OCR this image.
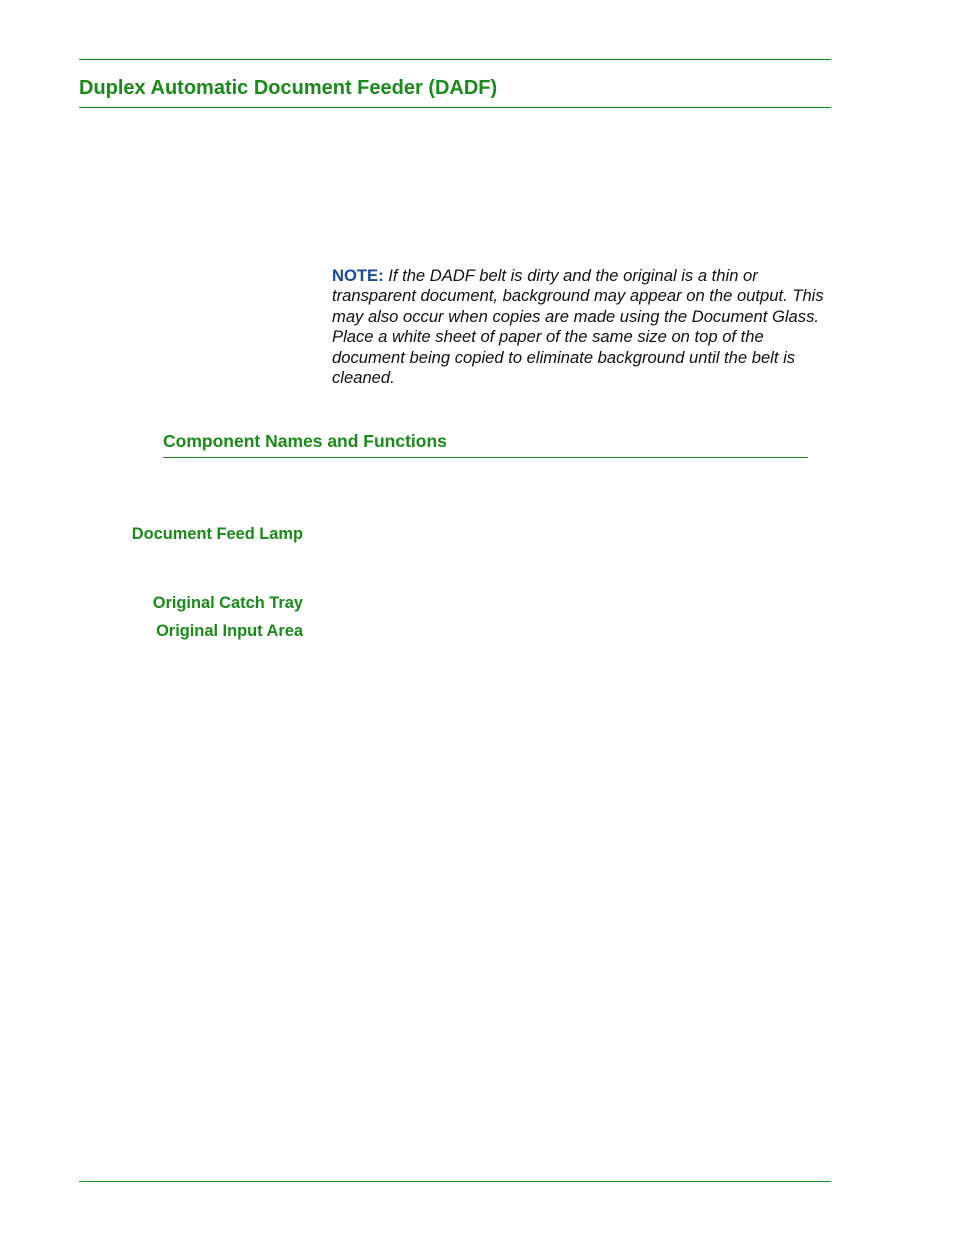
Duplex Automatic Document Feeder (DADF)

NOTE: If the DADF belt is dirty and the original is a thin or transparent document, background may appear on the output. This may also occur when copies are made using the Document Glass. Place a white sheet of paper of the same size on top of the document being copied to eliminate background until the belt is cleaned.

Component Names and Functions
Document Feed Lamp
Original Catch Tray
Original Input Area
